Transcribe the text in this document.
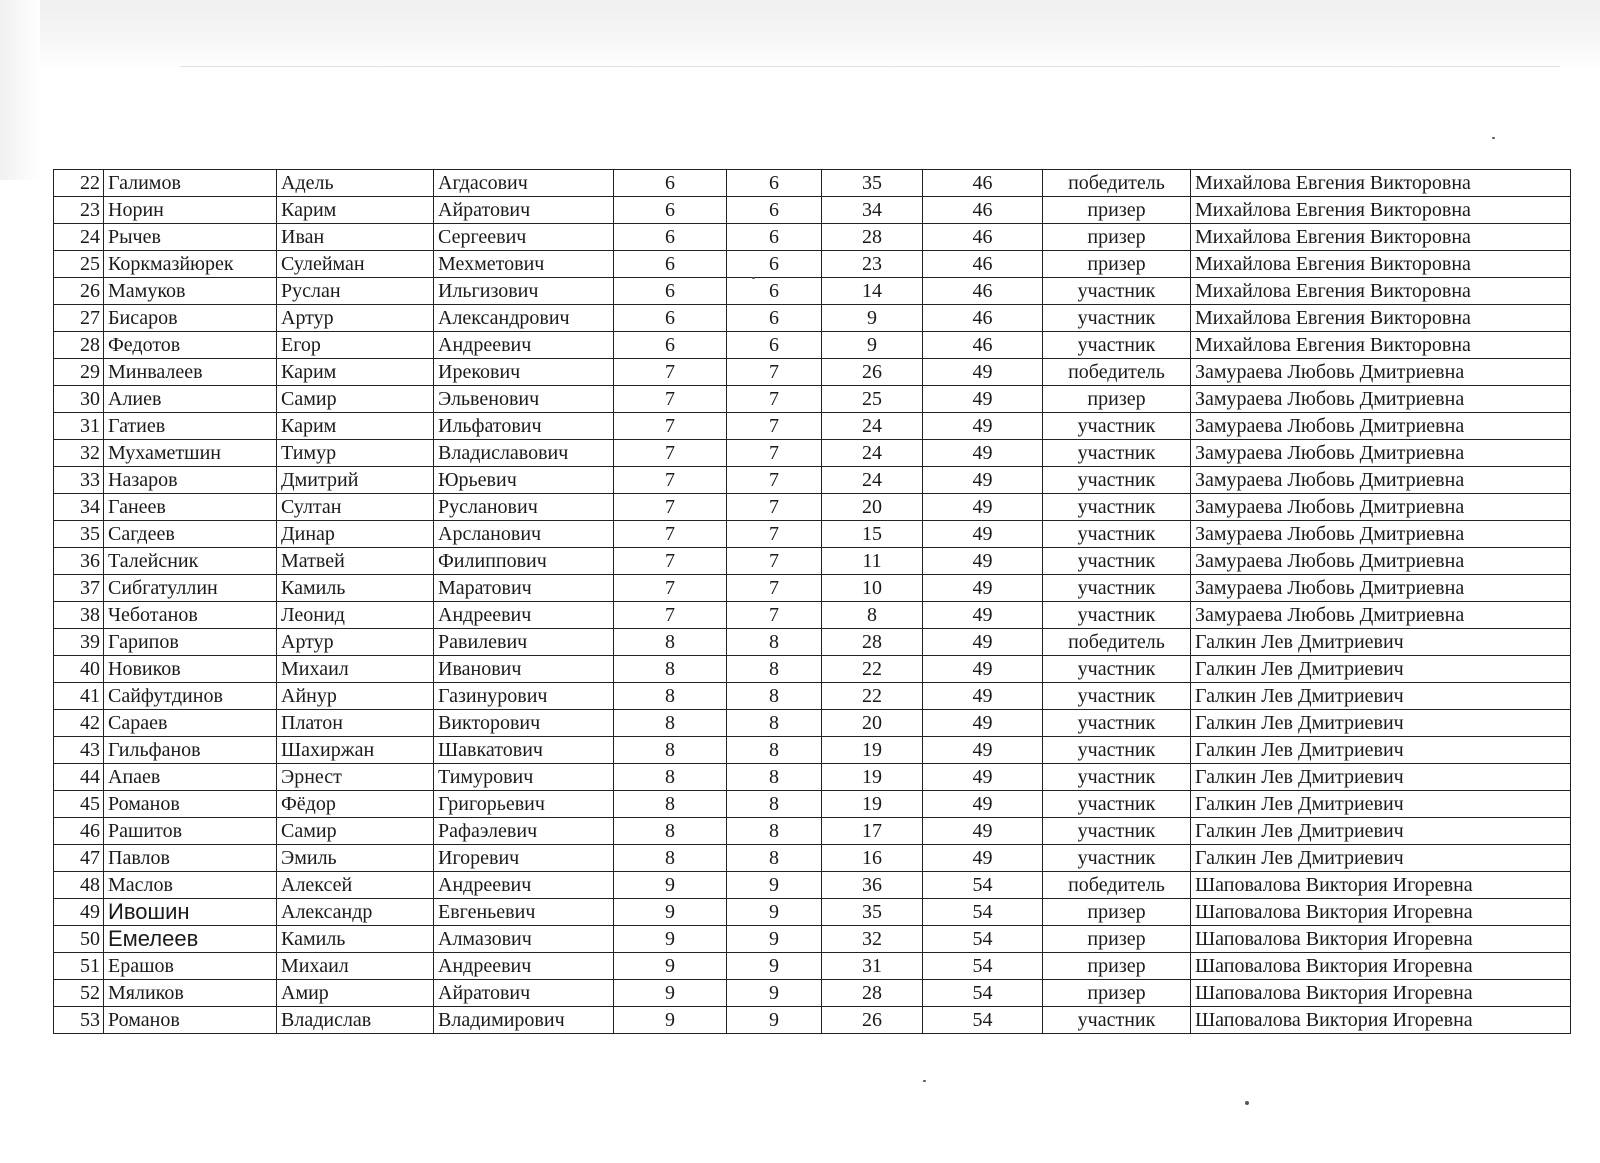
22	Галимов	Адель	Агдасович	6	6	35	46	победитель	Михайлова Евгения Викторовна
23	Норин	Карим	Айратович	6	6	34	46	призер	Михайлова Евгения Викторовна
24	Рычев	Иван	Сергеевич	6	6	28	46	призер	Михайлова Евгения Викторовна
25	Коркмазйюрек	Сулейман	Мехметович	6	6	23	46	призер	Михайлова Евгения Викторовна
26	Мамуков	Руслан	Ильгизович	6	6	14	46	участник	Михайлова Евгения Викторовна
27	Бисаров	Артур	Александрович	6	6	9	46	участник	Михайлова Евгения Викторовна
28	Федотов	Егор	Андреевич	6	6	9	46	участник	Михайлова Евгения Викторовна
29	Минвалеев	Карим	Ирекович	7	7	26	49	победитель	Замураева Любовь Дмитриевна
30	Алиев	Самир	Эльвенович	7	7	25	49	призер	Замураева Любовь Дмитриевна
31	Гатиев	Карим	Ильфатович	7	7	24	49	участник	Замураева Любовь Дмитриевна
32	Мухаметшин	Тимур	Владиславович	7	7	24	49	участник	Замураева Любовь Дмитриевна
33	Назаров	Дмитрий	Юрьевич	7	7	24	49	участник	Замураева Любовь Дмитриевна
34	Ганеев	Султан	Русланович	7	7	20	49	участник	Замураева Любовь Дмитриевна
35	Сагдеев	Динар	Арсланович	7	7	15	49	участник	Замураева Любовь Дмитриевна
36	Талейсник	Матвей	Филиппович	7	7	11	49	участник	Замураева Любовь Дмитриевна
37	Сибгатуллин	Камиль	Маратович	7	7	10	49	участник	Замураева Любовь Дмитриевна
38	Чеботанов	Леонид	Андреевич	7	7	8	49	участник	Замураева Любовь Дмитриевна
39	Гарипов	Артур	Равилевич	8	8	28	49	победитель	Галкин Лев Дмитриевич
40	Новиков	Михаил	Иванович	8	8	22	49	участник	Галкин Лев Дмитриевич
41	Сайфутдинов	Айнур	Газинурович	8	8	22	49	участник	Галкин Лев Дмитриевич
42	Сараев	Платон	Викторович	8	8	20	49	участник	Галкин Лев Дмитриевич
43	Гильфанов	Шахиржан	Шавкатович	8	8	19	49	участник	Галкин Лев Дмитриевич
44	Апаев	Эрнест	Тимурович	8	8	19	49	участник	Галкин Лев Дмитриевич
45	Романов	Фёдор	Григорьевич	8	8	19	49	участник	Галкин Лев Дмитриевич
46	Рашитов	Самир	Рафаэлевич	8	8	17	49	участник	Галкин Лев Дмитриевич
47	Павлов	Эмиль	Игоревич	8	8	16	49	участник	Галкин Лев Дмитриевич
48	Маслов	Алексей	Андреевич	9	9	36	54	победитель	Шаповалова Виктория Игоревна
49	Ивошин	Александр	Евгеньевич	9	9	35	54	призер	Шаповалова Виктория Игоревна
50	Емелеев	Камиль	Алмазович	9	9	32	54	призер	Шаповалова Виктория Игоревна
51	Ерашов	Михаил	Андреевич	9	9	31	54	призер	Шаповалова Виктория Игоревна
52	Мяликов	Амир	Айратович	9	9	28	54	призер	Шаповалова Виктория Игоревна
53	Романов	Владислав	Владимирович	9	9	26	54	участник	Шаповалова Виктория Игоревна
